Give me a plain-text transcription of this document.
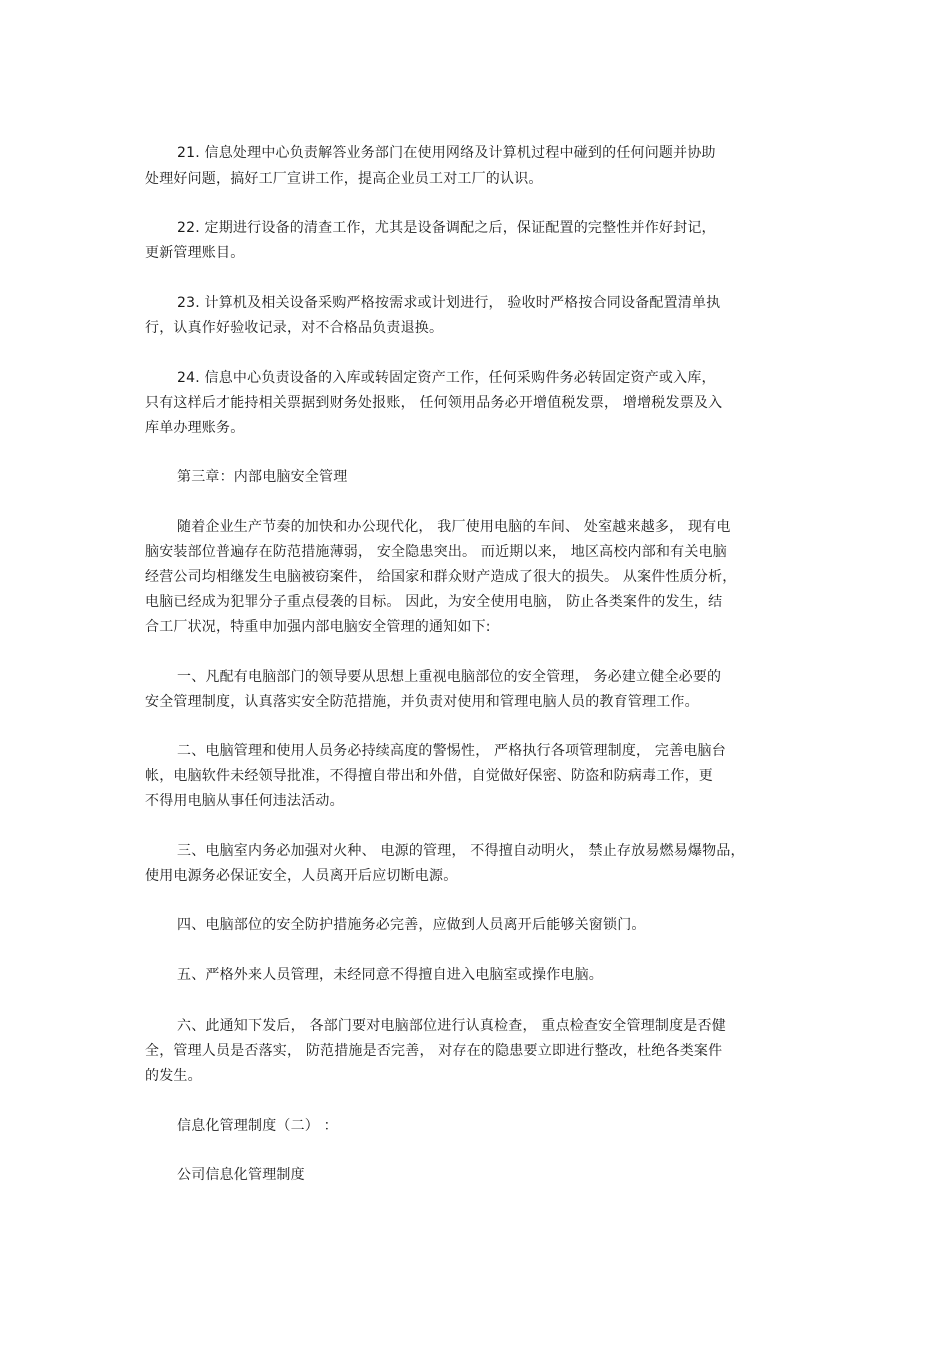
21. 信息处理中心负责解答业务部门在使用网络及计算机过程中碰到的任何问题并协助
处理好问题，搞好工厂宣讲工作，提高企业员工对工厂的认识。
22. 定期进行设备的清查工作，尤其是设备调配之后，保证配置的完整性并作好封记，
更新管理账目。
23. 计算机及相关设备采购严格按需求或计划进行， 验收时严格按合同设备配置清单执
行，认真作好验收记录，对不合格品负责退换。
24. 信息中心负责设备的入库或转固定资产工作，任何采购件务必转固定资产或入库，
只有这样后才能持相关票据到财务处报账， 任何领用品务必开增值税发票， 增增税发票及入
库单办理账务。
第三章：内部电脑安全管理
随着企业生产节奏的加快和办公现代化， 我厂使用电脑的车间、 处室越来越多， 现有电
脑安装部位普遍存在防范措施薄弱， 安全隐患突出。 而近期以来， 地区高校内部和有关电脑
经营公司均相继发生电脑被窃案件， 给国家和群众财产造成了很大的损失。 从案件性质分析，
电脑已经成为犯罪分子重点侵袭的目标。 因此，为安全使用电脑， 防止各类案件的发生，结
合工厂状况，特重申加强内部电脑安全管理的通知如下:
一、凡配有电脑部门的领导要从思想上重视电脑部位的安全管理， 务必建立健全必要的
安全管理制度，认真落实安全防范措施，并负责对使用和管理电脑人员的教育管理工作。
二、电脑管理和使用人员务必持续高度的警惕性， 严格执行各项管理制度， 完善电脑台
帐，电脑软件未经领导批准，不得擅自带出和外借，自觉做好保密、防盗和防病毒工作，更
不得用电脑从事任何违法活动。
三、电脑室内务必加强对火种、 电源的管理， 不得擅自动明火， 禁止存放易燃易爆物品，
使用电源务必保证安全，人员离开后应切断电源。
四、电脑部位的安全防护措施务必完善，应做到人员离开后能够关窗锁门。
五、严格外来人员管理，未经同意不得擅自进入电脑室或操作电脑。
六、此通知下发后， 各部门要对电脑部位进行认真检查， 重点检查安全管理制度是否健
全，管理人员是否落实， 防范措施是否完善， 对存在的隐患要立即进行整改，杜绝各类案件
的发生。
信息化管理制度（二） ：
公司信息化管理制度
